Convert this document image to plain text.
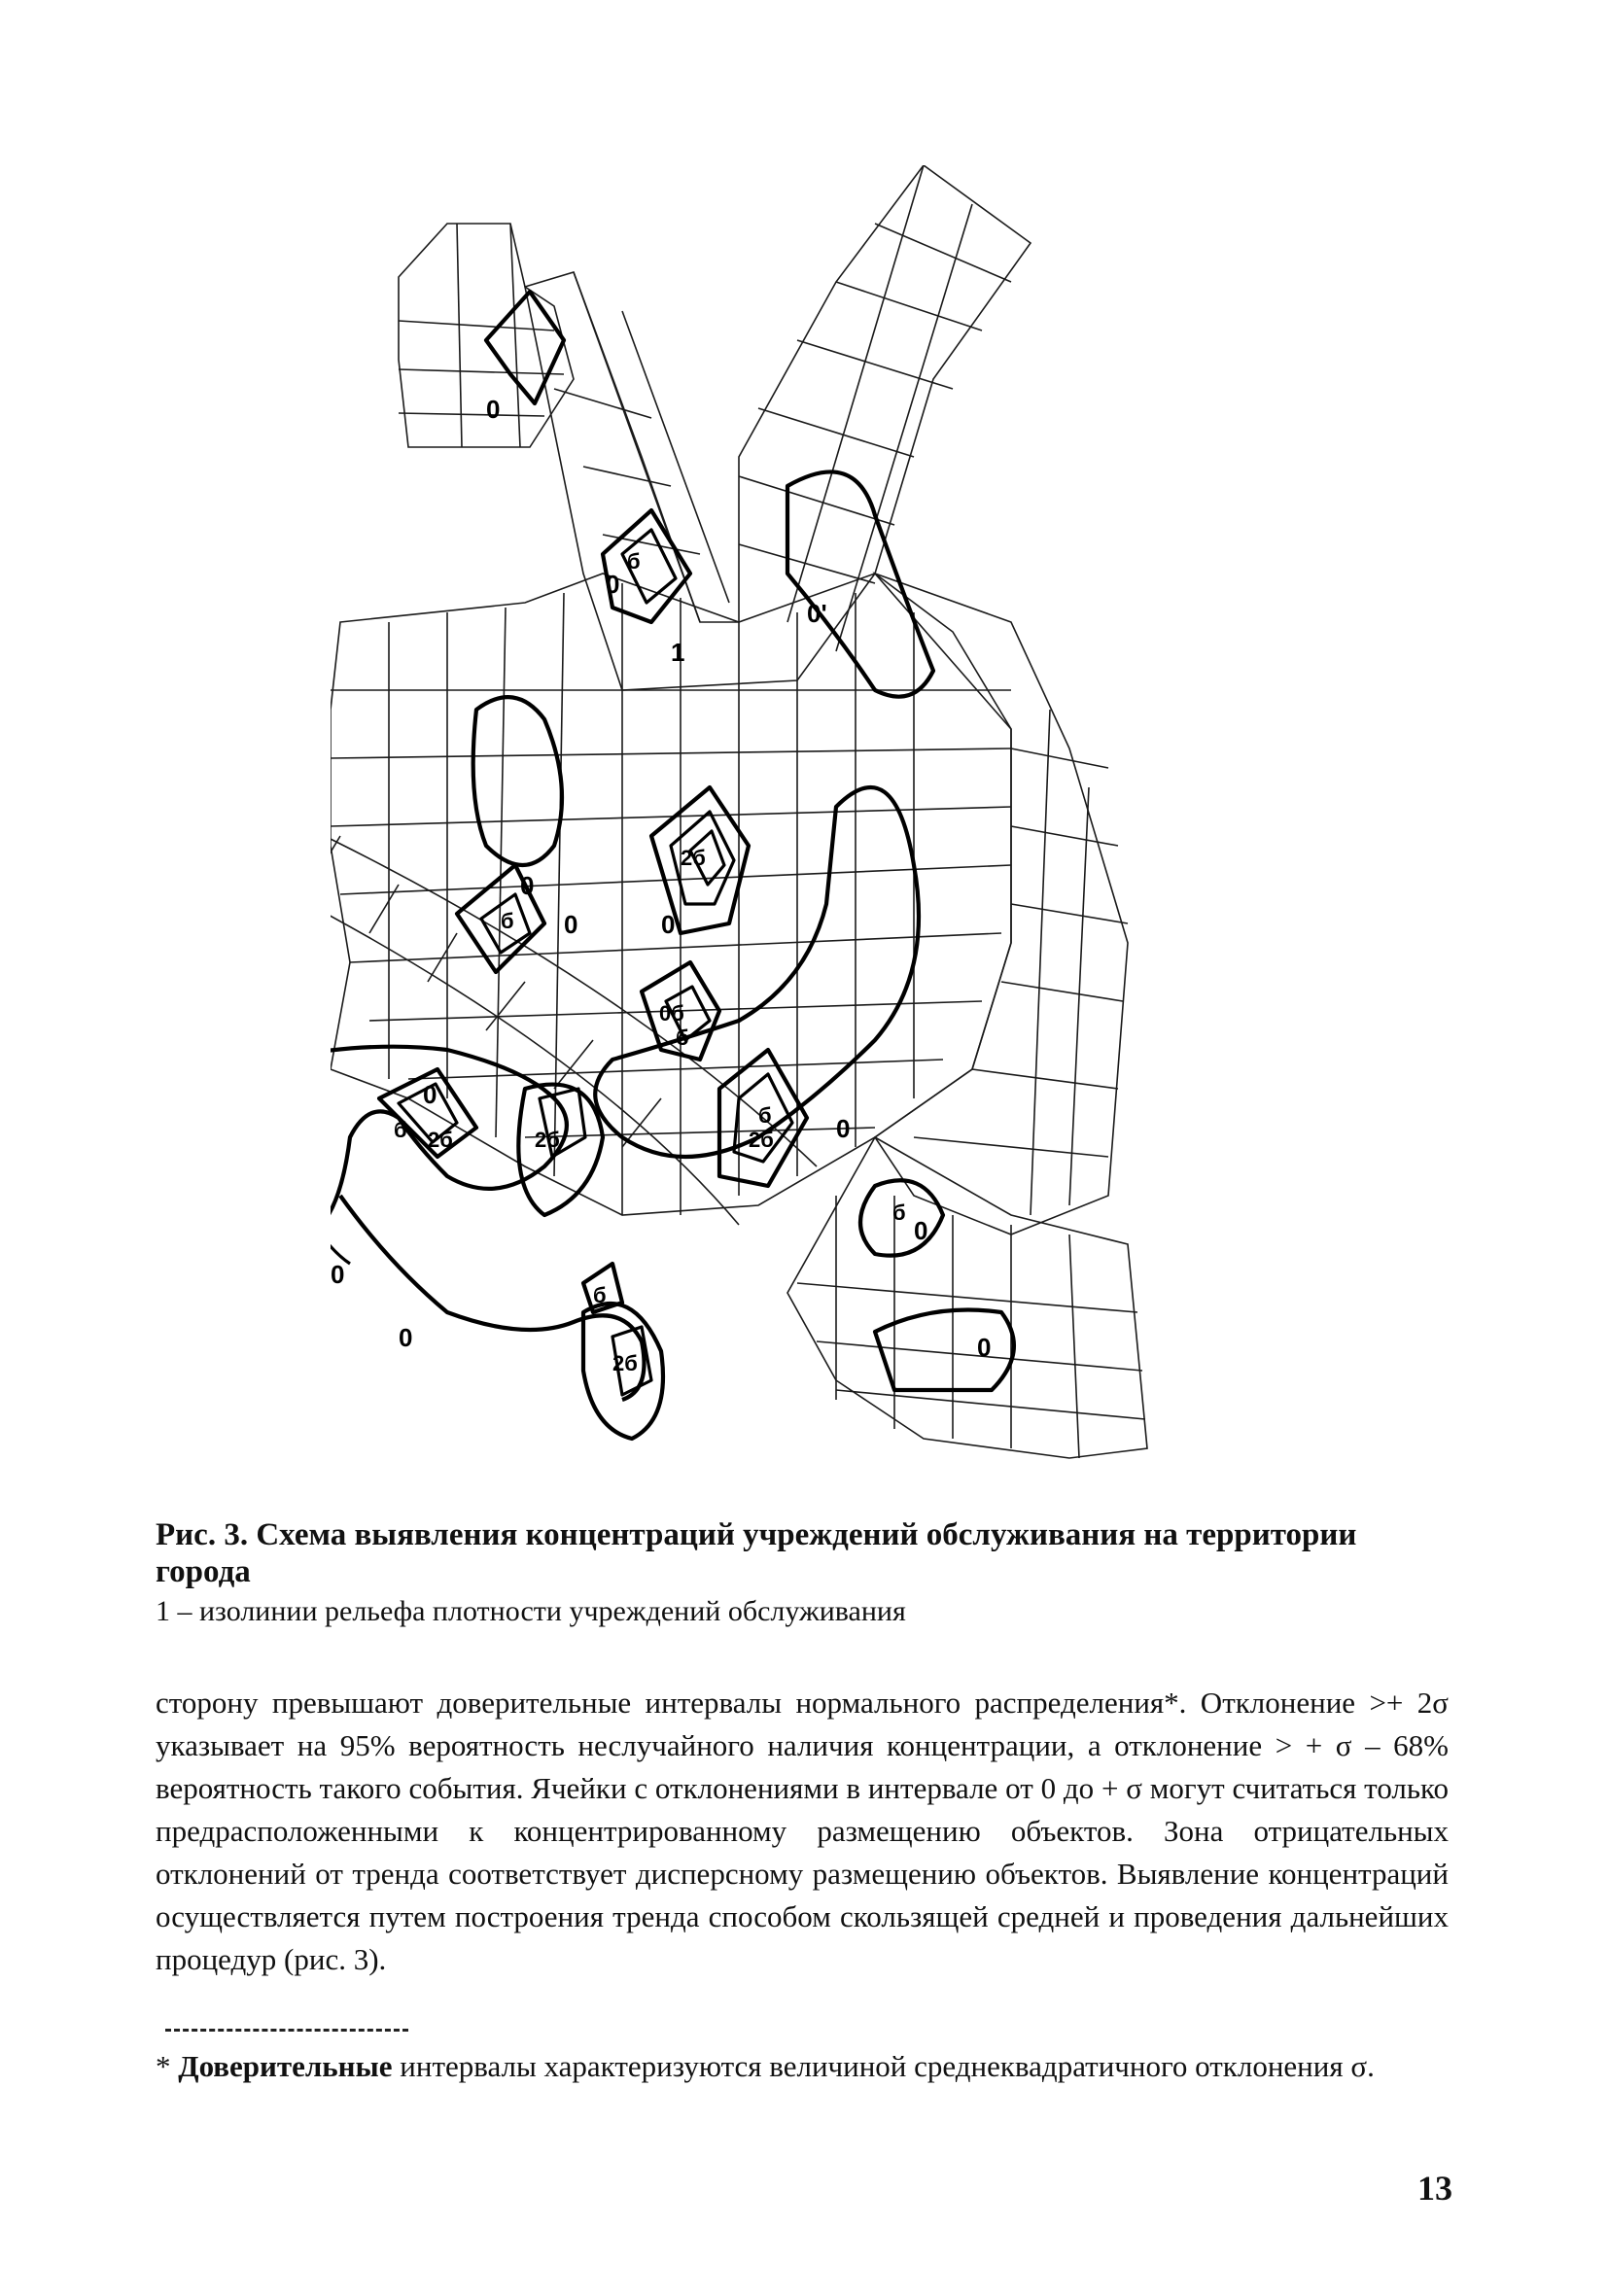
0
0
б
0'
0
б 0
2б
0
0б
б
0
б 2б	2б
0
0
2б
б	0
2б
б
0
б
0
1
Рис. 3. Схема выявления концентраций учреждений обслуживания на территории города
1 – изолинии рельефа плотности учреждений обслуживания

сторону превышают доверительные интервалы нормального распределения*. Отклонение >+ 2σ указывает на 95% вероятность неслучайного наличия концентрации, а отклонение > + σ – 68% вероятность такого события. Ячейки с отклонениями в интервале от 0 до + σ могут считаться только предрасположенными к концентрированному размещению объектов. Зона отрицательных отклонений от тренда соответствует дисперсному размещению объектов. Выявление концентраций осуществляется путем построения тренда способом скользящей средней и проведения дальнейших процедур (рис. 3).

* Доверительные интервалы характеризуются величиной среднеквадратичного отклонения σ.
13
